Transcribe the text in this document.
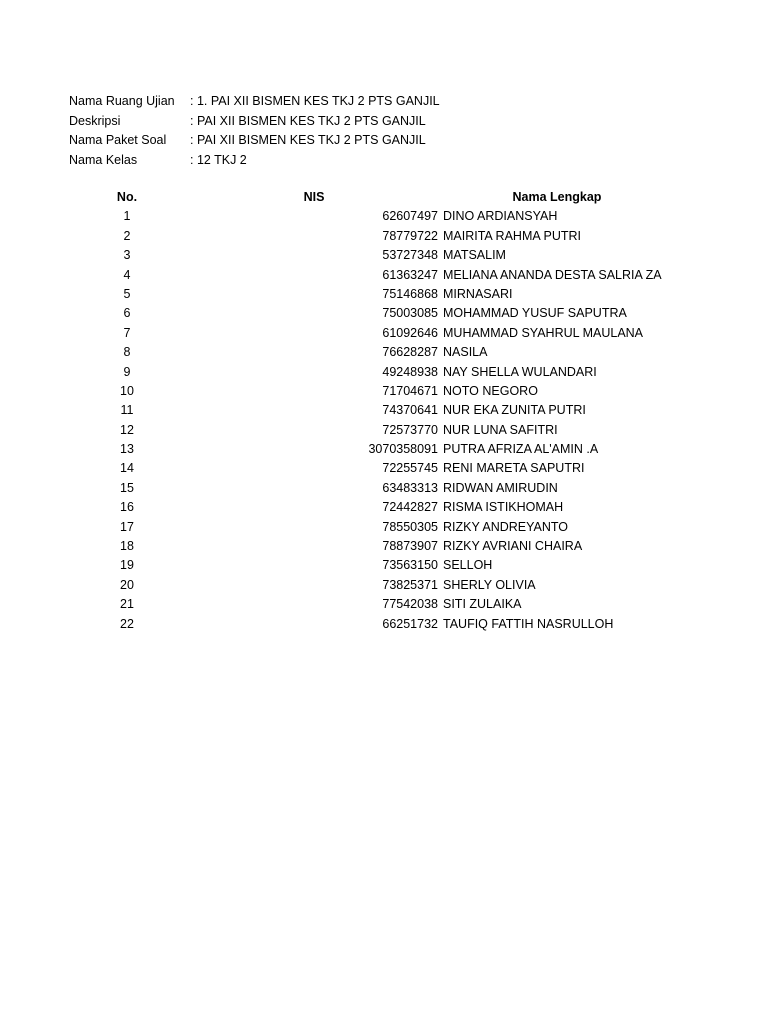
Nama Ruang Ujian : 1. PAI XII BISMEN KES TKJ 2 PTS GANJIL
Deskripsi	: PAI XII BISMEN KES TKJ 2 PTS GANJIL
Nama Paket Soal : PAI XII BISMEN KES TKJ 2 PTS GANJIL
Nama Kelas	: 12 TKJ 2
No.	NIS	Nama Lengkap
1	62607497 DINO ARDIANSYAH
2	78779722 MAIRITA RAHMA PUTRI
3	53727348 MATSALIM
4	61363247 MELIANA ANANDA DESTA SALRIA ZA
5	75146868 MIRNASARI
6	75003085 MOHAMMAD YUSUF SAPUTRA
7	61092646 MUHAMMAD SYAHRUL MAULANA
8	76628287 NASILA
9	49248938 NAY SHELLA WULANDARI
10	71704671 NOTO NEGORO
11	74370641 NUR EKA ZUNITA PUTRI
12	72573770 NUR LUNA SAFITRI
13	3070358091 PUTRA AFRIZA AL'AMIN .A
14	72255745 RENI MARETA SAPUTRI
15	63483313 RIDWAN AMIRUDIN
16	72442827 RISMA ISTIKHOMAH
17	78550305 RIZKY ANDREYANTO
18	78873907 RIZKY AVRIANI CHAIRA
19	73563150 SELLOH
20	73825371 SHERLY OLIVIA
21	77542038 SITI ZULAIKA
22	66251732 TAUFIQ FATTIH NASRULLOH
